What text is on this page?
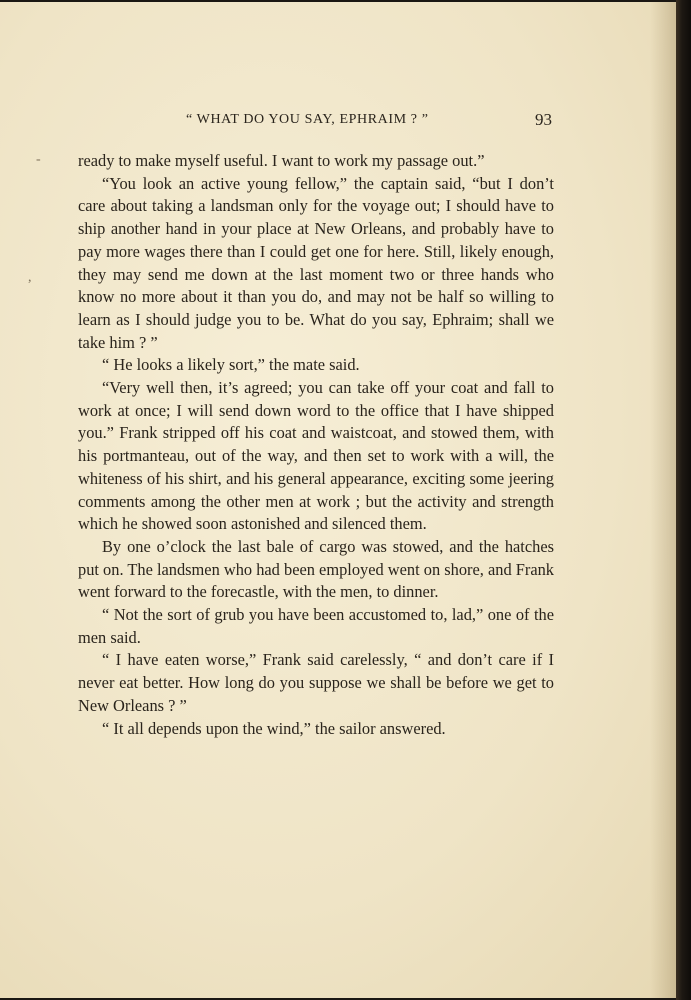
-
,
“ WHAT DO YOU SAY, EPHRAIM ? ”	93

ready to make myself useful. I want to work my passage out.”

“You look an active young fellow,” the captain said, “but I don’t care about taking a landsman only for the voyage out; I should have to ship another hand in your place at New Orleans, and probably have to pay more wages there than I could get one for here. Still, likely enough, they may send me down at the last moment two or three hands who know no more about it than you do, and may not be half so willing to learn as I should judge you to be. What do you say, Ephraim; shall we take him ? ”

“ He looks a likely sort,” the mate said.

“Very well then, it’s agreed; you can take off your coat and fall to work at once; I will send down word to the office that I have shipped you.” Frank stripped off his coat and waistcoat, and stowed them, with his portmanteau, out of the way, and then set to work with a will, the whiteness of his shirt, and his general appearance, exciting some jeering comments among the other men at work ; but the activity and strength which he showed soon astonished and silenced them.

By one o’clock the last bale of cargo was stowed, and the hatches put on. The landsmen who had been employed went on shore, and Frank went forward to the forecastle, with the men, to dinner.

“ Not the sort of grub you have been accustomed to, lad,” one of the men said.

“ I have eaten worse,” Frank said carelessly, “ and don’t care if I never eat better. How long do you suppose we shall be before we get to New Orleans ? ”

“ It all depends upon the wind,” the sailor answered.
